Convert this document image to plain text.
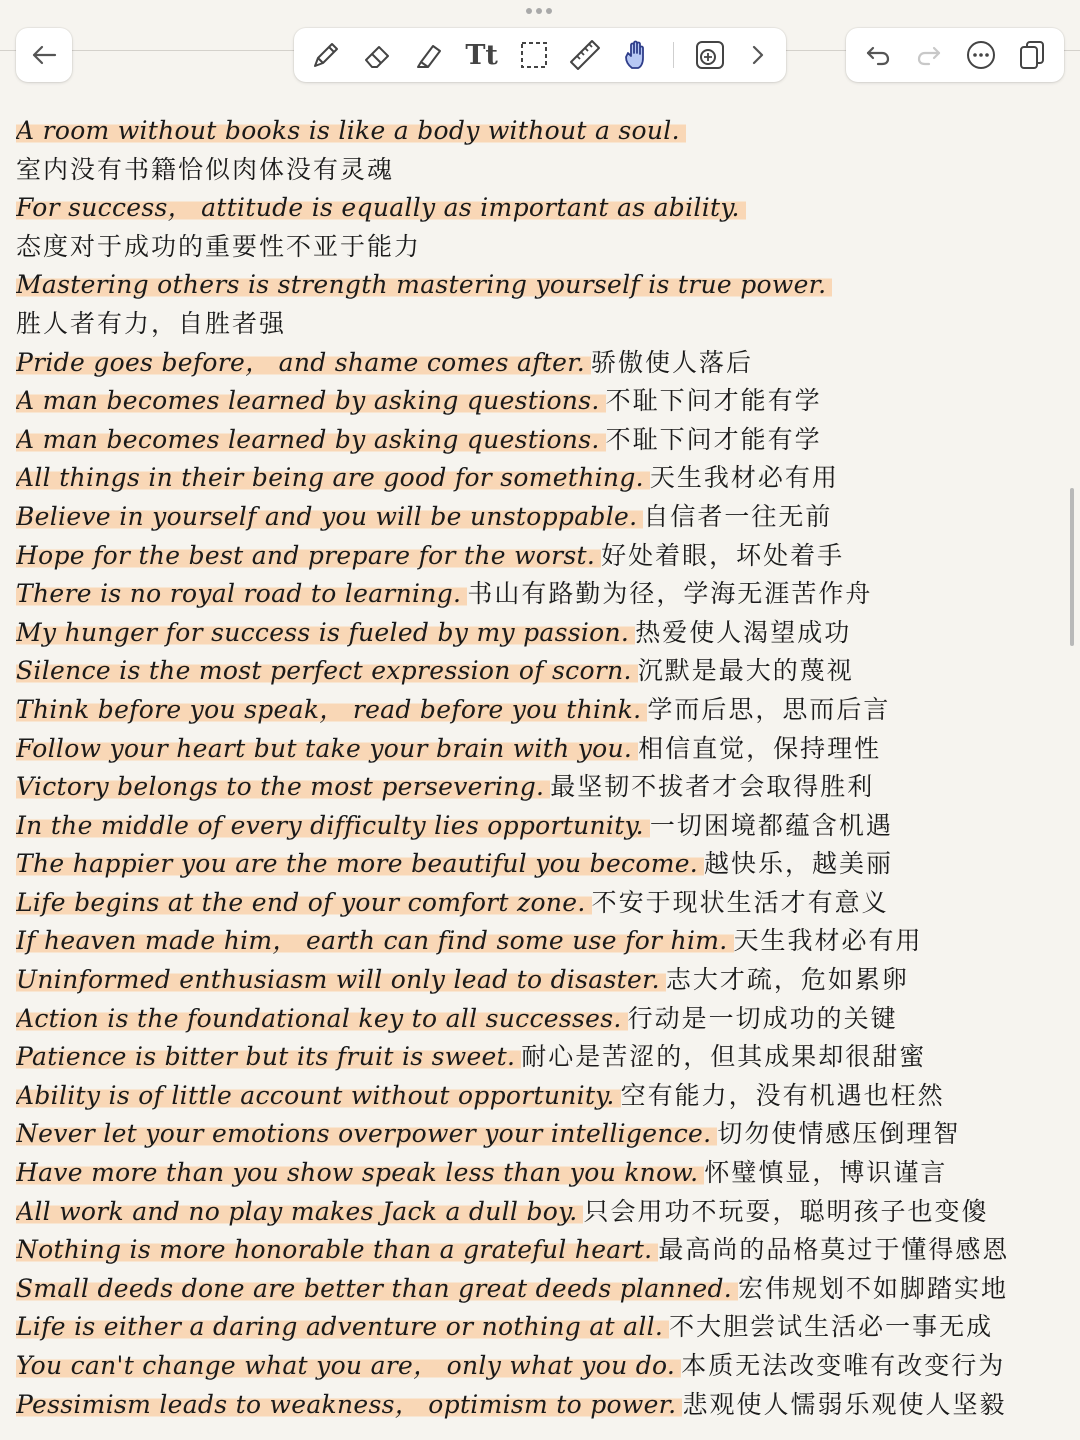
Tt
A room without books is like a body without a soul.
室内没有书籍恰似肉体没有灵魂
For success， attitude is equally as important as ability.
态度对于成功的重要性不亚于能力
Mastering others is strength mastering yourself is true power.
胜人者有力，自胜者强
Pride goes before， and shame comes after. 骄傲使人落后
A man becomes learned by asking questions. 不耻下问才能有学
A man becomes learned by asking questions. 不耻下问才能有学
All things in their being are good for something. 天生我材必有用
Believe in yourself and you will be unstoppable. 自信者一往无前
Hope for the best and prepare for the worst. 好处着眼，坏处着手
There is no royal road to learning. 书山有路勤为径，学海无涯苦作舟
My hunger for success is fueled by my passion. 热爱使人渴望成功
Silence is the most perfect expression of scorn. 沉默是最大的蔑视
Think before you speak， read before you think. 学而后思，思而后言
Follow your heart but take your brain with you. 相信直觉，保持理性
Victory belongs to the most persevering. 最坚韧不拔者才会取得胜利
In the middle of every difficulty lies opportunity. 一切困境都蕴含机遇
The happier you are the more beautiful you become. 越快乐，越美丽
Life begins at the end of your comfort zone. 不安于现状生活才有意义
If heaven made him， earth can find some use for him. 天生我材必有用
Uninformed enthusiasm will only lead to disaster. 志大才疏，危如累卵
Action is the foundational key to all successes. 行动是一切成功的关键
Patience is bitter but its fruit is sweet. 耐心是苦涩的，但其成果却很甜蜜
Ability is of little account without opportunity. 空有能力，没有机遇也枉然
Never let your emotions overpower your intelligence. 切勿使情感压倒理智
Have more than you show speak less than you know. 怀璧慎显，博识谨言
All work and no play makes Jack a dull boy. 只会用功不玩耍，聪明孩子也变傻
Nothing is more honorable than a grateful heart. 最高尚的品格莫过于懂得感恩
Small deeds done are better than great deeds planned. 宏伟规划不如脚踏实地
Life is either a daring adventure or nothing at all. 不大胆尝试生活必一事无成
You can't change what you are， only what you do. 本质无法改变唯有改变行为
Pessimism leads to weakness， optimism to power. 悲观使人懦弱乐观使人坚毅
